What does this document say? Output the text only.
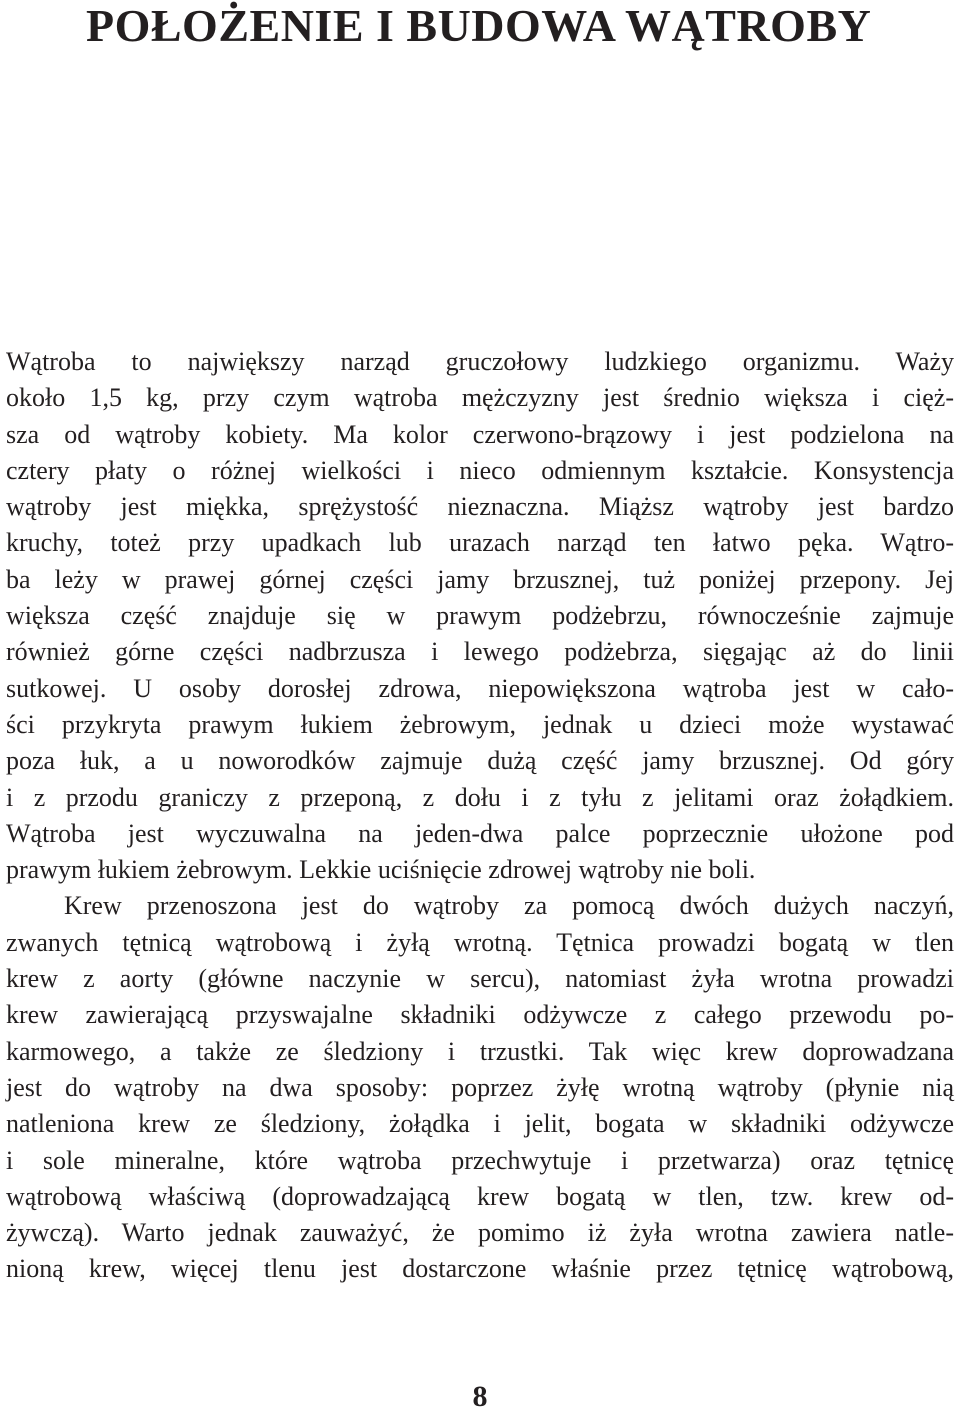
POŁOŻENIE I BUDOWA WĄTROBY

Wątroba to największy narząd gruczołowy ludzkiego organizmu. Waży
około 1,5 kg, przy czym wątroba mężczyzny jest średnio większa i cięż-
sza od wątroby kobiety. Ma kolor czerwono-brązowy i jest podzielona na
cztery płaty o różnej wielkości i nieco odmiennym kształcie. Konsystencja
wątroby jest miękka, sprężystość nieznaczna. Miąższ wątroby jest bardzo
kruchy, toteż przy upadkach lub urazach narząd ten łatwo pęka. Wątro-
ba leży w prawej górnej części jamy brzusznej, tuż poniżej przepony. Jej
większa część znajduje się w prawym podżebrzu, równocześnie zajmuje
również górne części nadbrzusza i lewego podżebrza, sięgając aż do linii
sutkowej. U osoby dorosłej zdrowa, niepowiększona wątroba jest w cało-
ści przykryta prawym łukiem żebrowym, jednak u dzieci może wystawać
poza łuk, a u noworodków zajmuje dużą część jamy brzusznej. Od góry
i z przodu graniczy z przeponą, z dołu i z tyłu z jelitami oraz żołądkiem.
Wątroba jest wyczuwalna na jeden-dwa palce poprzecznie ułożone pod
prawym łukiem żebrowym. Lekkie uciśnięcie zdrowej wątroby nie boli.

Krew przenoszona jest do wątroby za pomocą dwóch dużych naczyń,
zwanych tętnicą wątrobową i żyłą wrotną. Tętnica prowadzi bogatą w tlen
krew z aorty (główne naczynie w sercu), natomiast żyła wrotna prowadzi
krew zawierającą przyswajalne składniki odżywcze z całego przewodu po-
karmowego, a także ze śledziony i trzustki. Tak więc krew doprowadzana
jest do wątroby na dwa sposoby: poprzez żyłę wrotną wątroby (płynie nią
natleniona krew ze śledziony, żołądka i jelit, bogata w składniki odżywcze
i sole mineralne, które wątroba przechwytuje i przetwarza) oraz tętnicę
wątrobową właściwą (doprowadzającą krew bogatą w tlen, tzw. krew od-
żywczą). Warto jednak zauważyć, że pomimo iż żyła wrotna zawiera natle-
nioną krew, więcej tlenu jest dostarczone właśnie przez tętnicę wątrobową,

8
